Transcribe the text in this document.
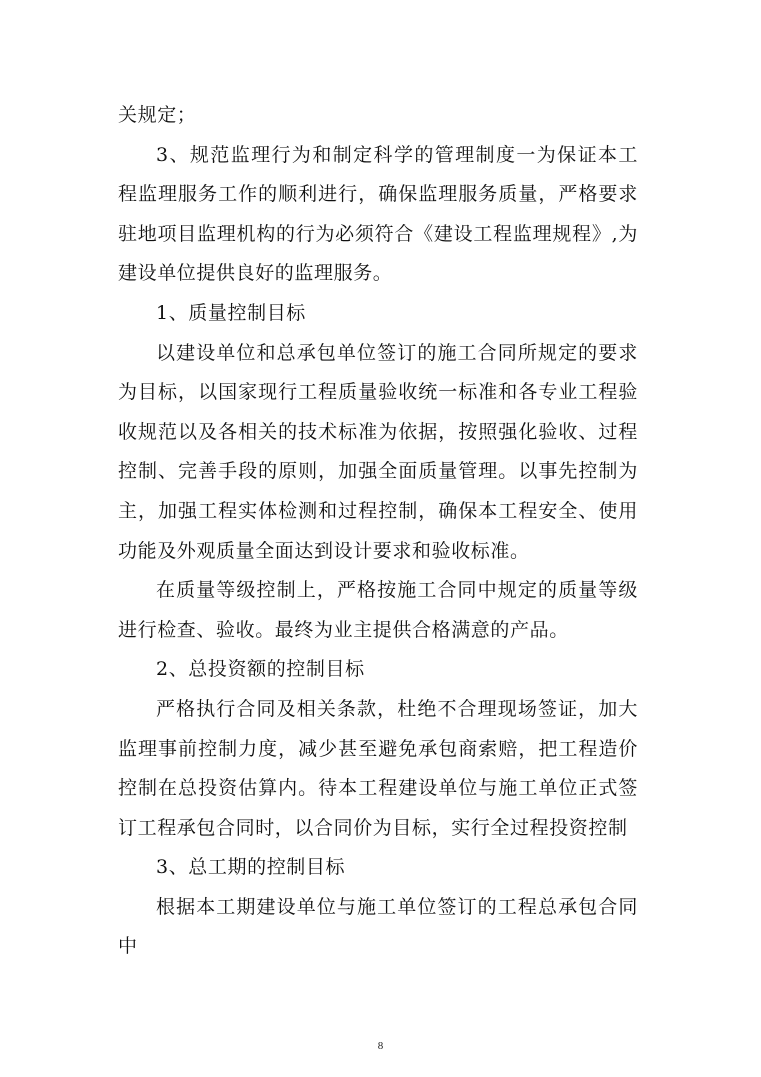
关规定；

3、规范监理行为和制定科学的管理制度一为保证本工程监理服务工作的顺利进行，确保监理服务质量，严格要求驻地项目监理机构的行为必须符合《建设工程监理规程》,为建设单位提供良好的监理服务。

1、质量控制目标

以建设单位和总承包单位签订的施工合同所规定的要求为目标，以国家现行工程质量验收统一标准和各专业工程验收规范以及各相关的技术标准为依据，按照强化验收、过程控制、完善手段的原则，加强全面质量管理。以事先控制为主，加强工程实体检测和过程控制，确保本工程安全、使用功能及外观质量全面达到设计要求和验收标准。

在质量等级控制上，严格按施工合同中规定的质量等级进行检查、验收。最终为业主提供合格满意的产品。

2、总投资额的控制目标

严格执行合同及相关条款，杜绝不合理现场签证，加大监理事前控制力度，减少甚至避免承包商索赔，把工程造价控制在总投资估算内。待本工程建设单位与施工单位正式签订工程承包合同时，以合同价为目标，实行全过程投资控制

3、总工期的控制目标

根据本工期建设单位与施工单位签订的工程总承包合同中

8
